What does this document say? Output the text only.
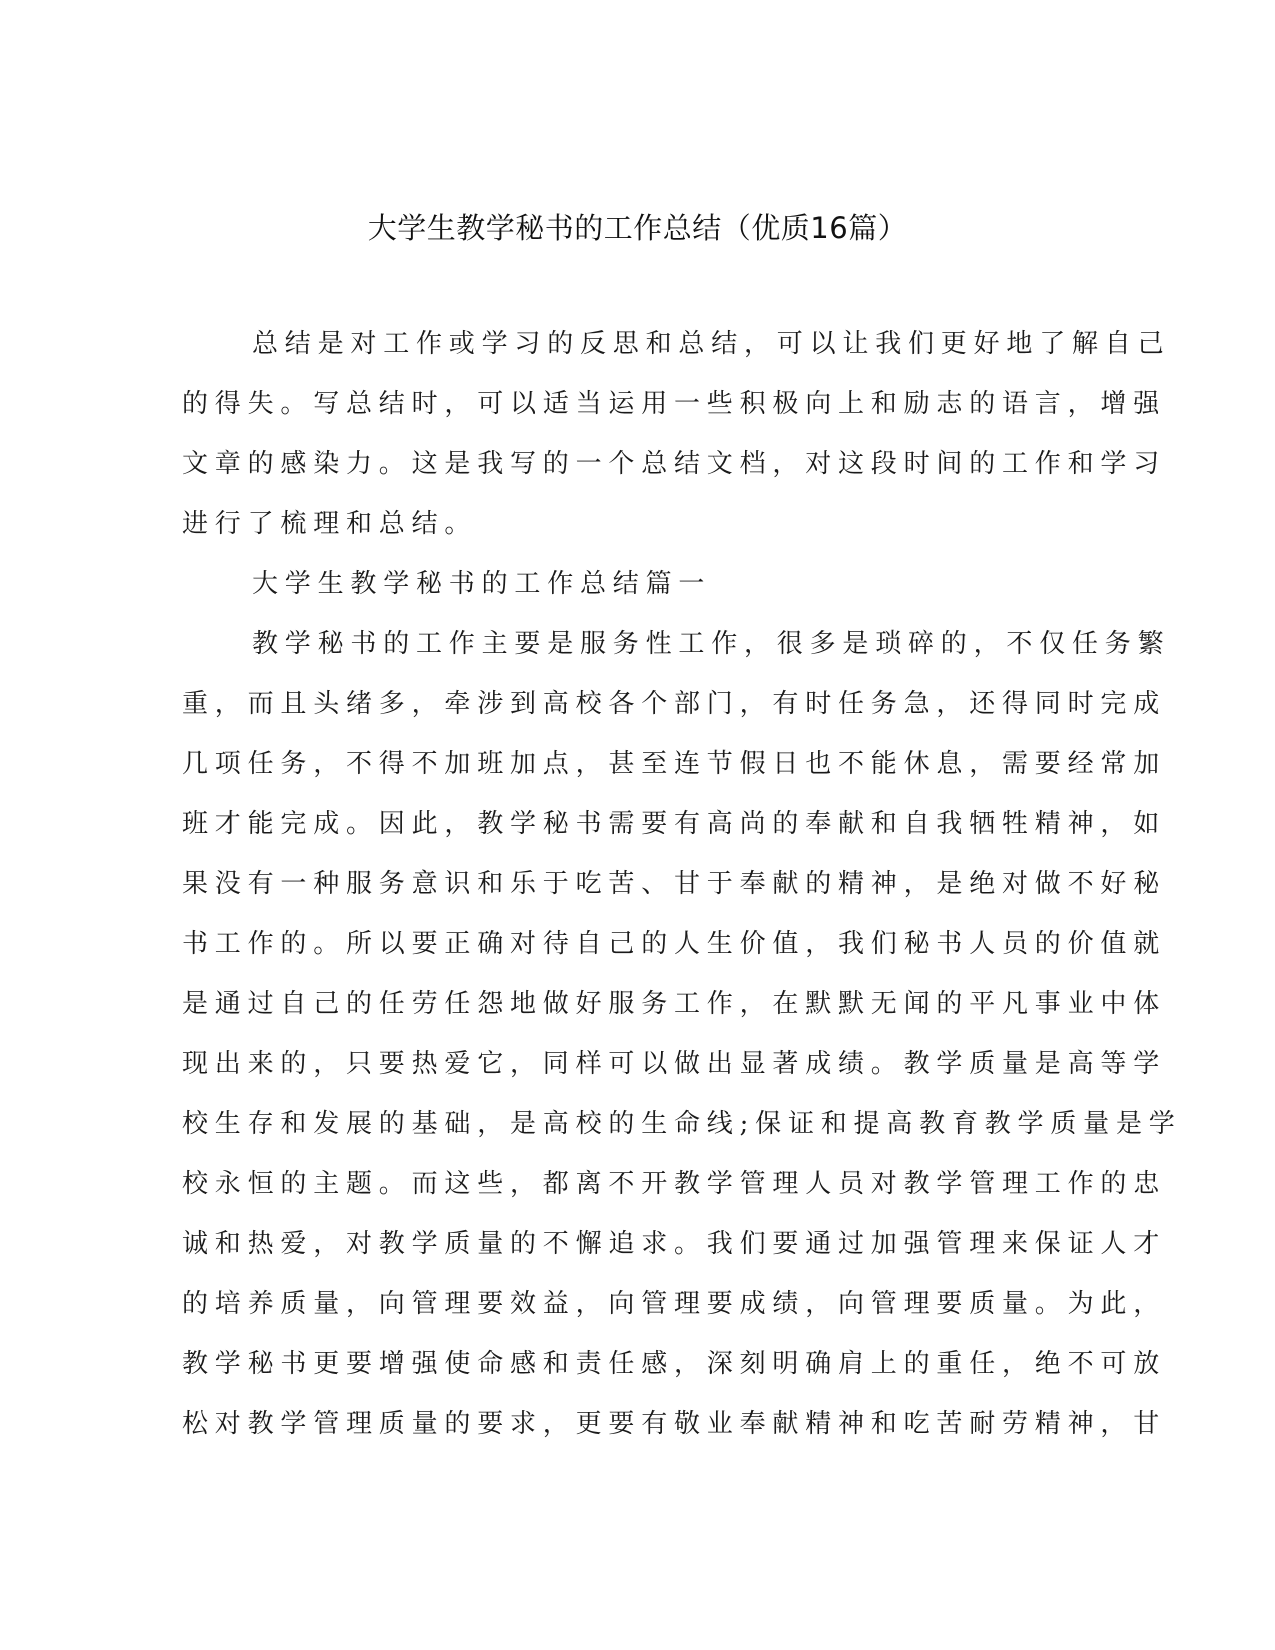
大学生教学秘书的工作总结（优质16篇）
总结是对工作或学习的反思和总结，可以让我们更好地了解自己
的得失。写总结时，可以适当运用一些积极向上和励志的语言，增强
文章的感染力。这是我写的一个总结文档，对这段时间的工作和学习
进行了梳理和总结。
大学生教学秘书的工作总结篇一
教学秘书的工作主要是服务性工作，很多是琐碎的，不仅任务繁
重，而且头绪多，牵涉到高校各个部门，有时任务急，还得同时完成
几项任务，不得不加班加点，甚至连节假日也不能休息，需要经常加
班才能完成。因此，教学秘书需要有高尚的奉献和自我牺牲精神，如
果没有一种服务意识和乐于吃苦、甘于奉献的精神，是绝对做不好秘
书工作的。所以要正确对待自己的人生价值，我们秘书人员的价值就
是通过自己的任劳任怨地做好服务工作，在默默无闻的平凡事业中体
现出来的，只要热爱它，同样可以做出显著成绩。教学质量是高等学
校生存和发展的基础，是高校的生命线;保证和提高教育教学质量是学
校永恒的主题。而这些，都离不开教学管理人员对教学管理工作的忠
诚和热爱，对教学质量的不懈追求。我们要通过加强管理来保证人才
的培养质量，向管理要效益，向管理要成绩，向管理要质量。为此，
教学秘书更要增强使命感和责任感，深刻明确肩上的重任，绝不可放
松对教学管理质量的要求，更要有敬业奉献精神和吃苦耐劳精神，甘
